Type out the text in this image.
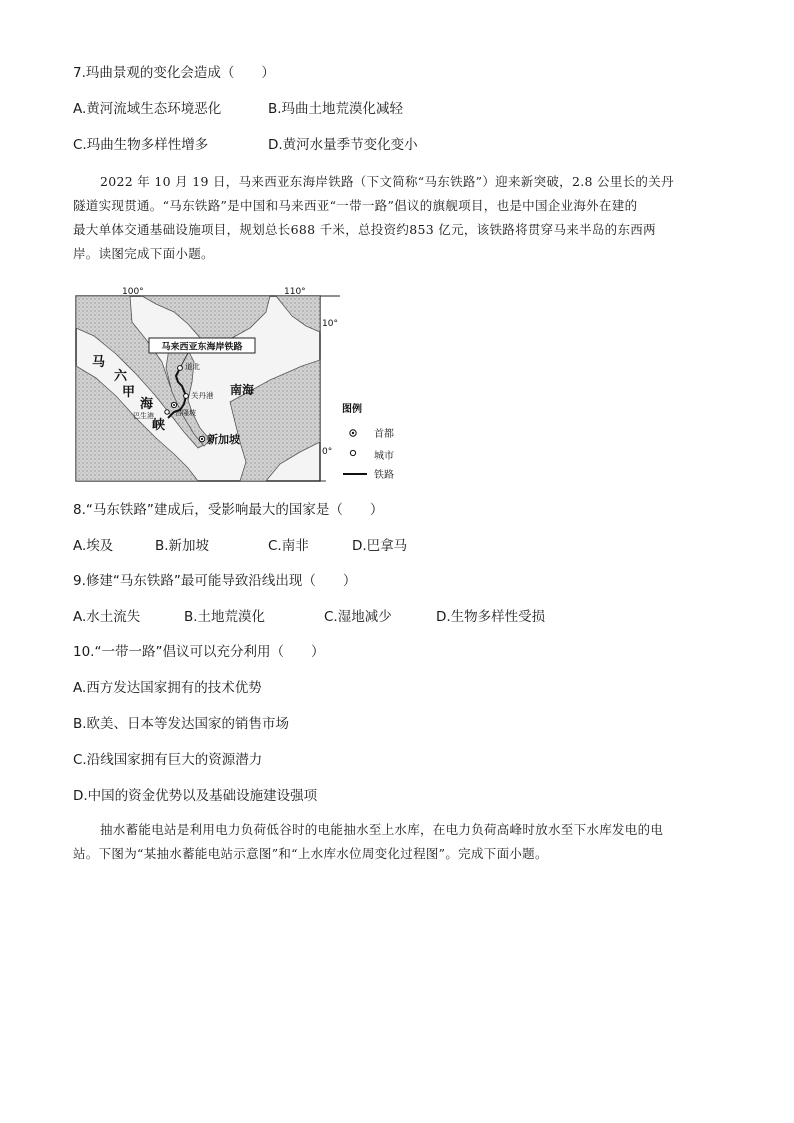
7.玛曲景观的变化会造成（　　）
A.黄河流域生态环境恶化	B.玛曲土地荒漠化减轻
C.玛曲生物多样性增多	D.黄河水量季节变化变小

2022 年 10 月 19 日，马来西亚东海岸铁路（下文简称“马东铁路”）迎来新突破，2.8 公里长的关丹

隧道实现贯通。“马东铁路”是中国和马来西亚“一带一路”倡议的旗舰项目，也是中国企业海外在建的

最大单体交通基础设施项目，规划总长688 千米，总投资约853 亿元，该铁路将贯穿马来半岛的东西两

岸。读图完成下面小题。

马来西亚东海岸铁路
道北
关丹港
吉隆坡
巴生港
新加坡
马
六
甲
海
峡
南海
100°	110°
10°
0°
图例
首都
城市
铁路
8.“马东铁路”建成后，受影响最大的国家是（　　）
A.埃及	B.新加坡	C.南非	D.巴拿马
9.修建“马东铁路”最可能导致沿线出现（　　）
A.水土流失	B.土地荒漠化	C.湿地减少	D.生物多样性受损
10.“一带一路”倡议可以充分利用（　　）
A.西方发达国家拥有的技术优势
B.欧美、日本等发达国家的销售市场
C.沿线国家拥有巨大的资源潜力
D.中国的资金优势以及基础设施建设强项

抽水蓄能电站是利用电力负荷低谷时的电能抽水至上水库，在电力负荷高峰时放水至下水库发电的电

站。下图为“某抽水蓄能电站示意图”和“上水库水位周变化过程图”。完成下面小题。
